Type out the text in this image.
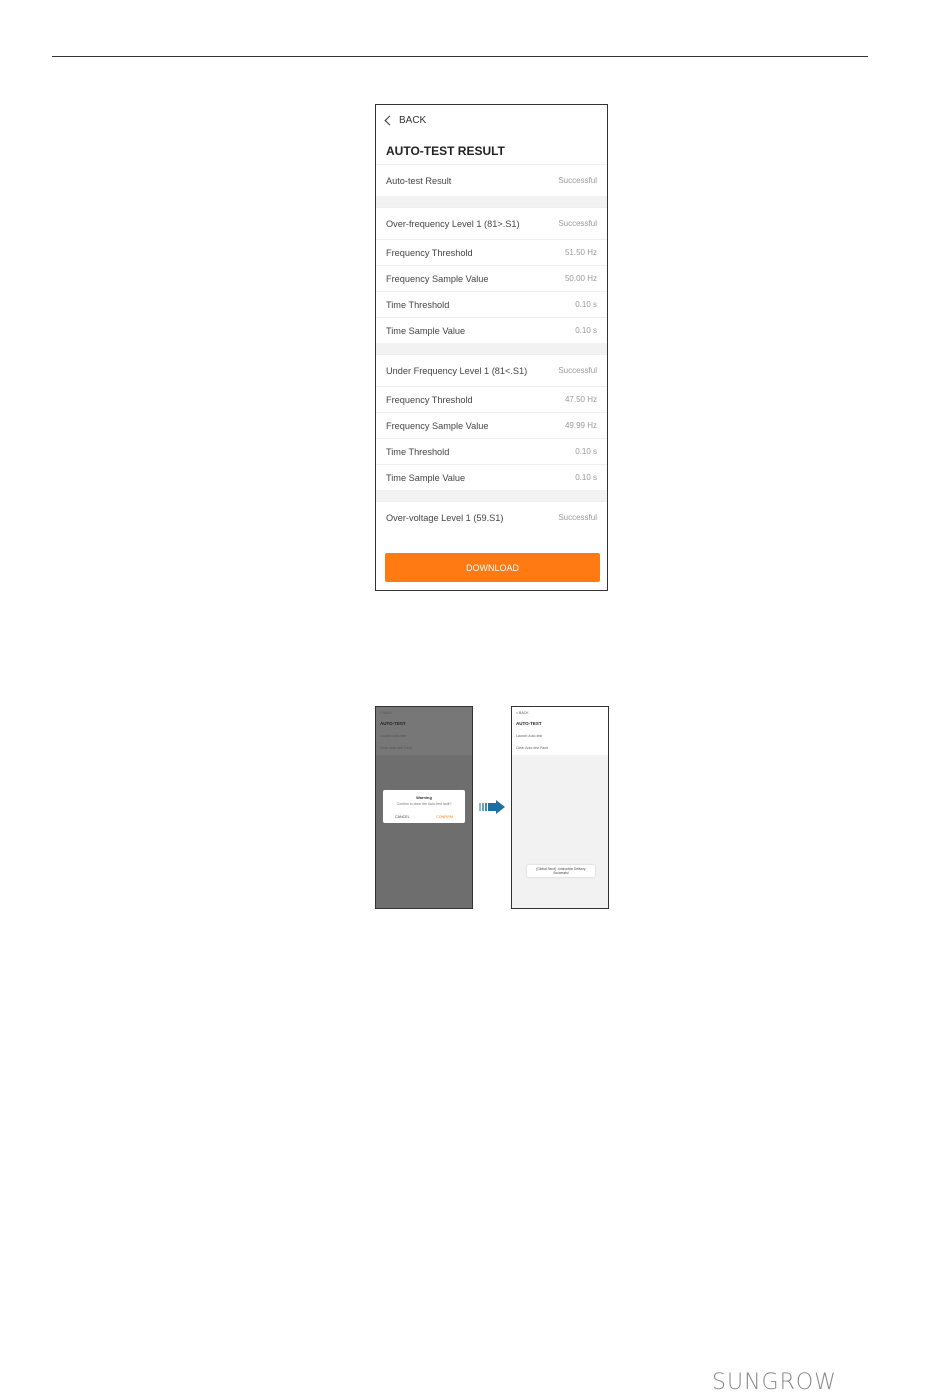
BACK
AUTO-TEST RESULT
Auto-test Result	Successful
Over-frequency Level 1 (81>.S1)	Successful
Frequency Threshold	51.50 Hz
Frequency Sample Value	50.00 Hz
Time Threshold	0.10 s
Time Sample Value	0.10 s
Under Frequency Level 1 (81<.S1)	Successful
Frequency Threshold	47.50 Hz
Frequency Sample Value	49.99 Hz
Time Threshold	0.10 s
Time Sample Value	0.10 s
Over-voltage Level 1 (59.S1)	Successful
DOWNLOAD
< BACK
AUTO-TEST
Launch Auto-test
Clear Auto-test Fault
Warning
Confirm to clear the Auto-test fault?
CANCEL	CONFIRM
< BACK
AUTO-TEST
Launch Auto-test
Clear Auto-test Fault
[Global Send] : Instruction Delivery
Successful
SUNGROW
